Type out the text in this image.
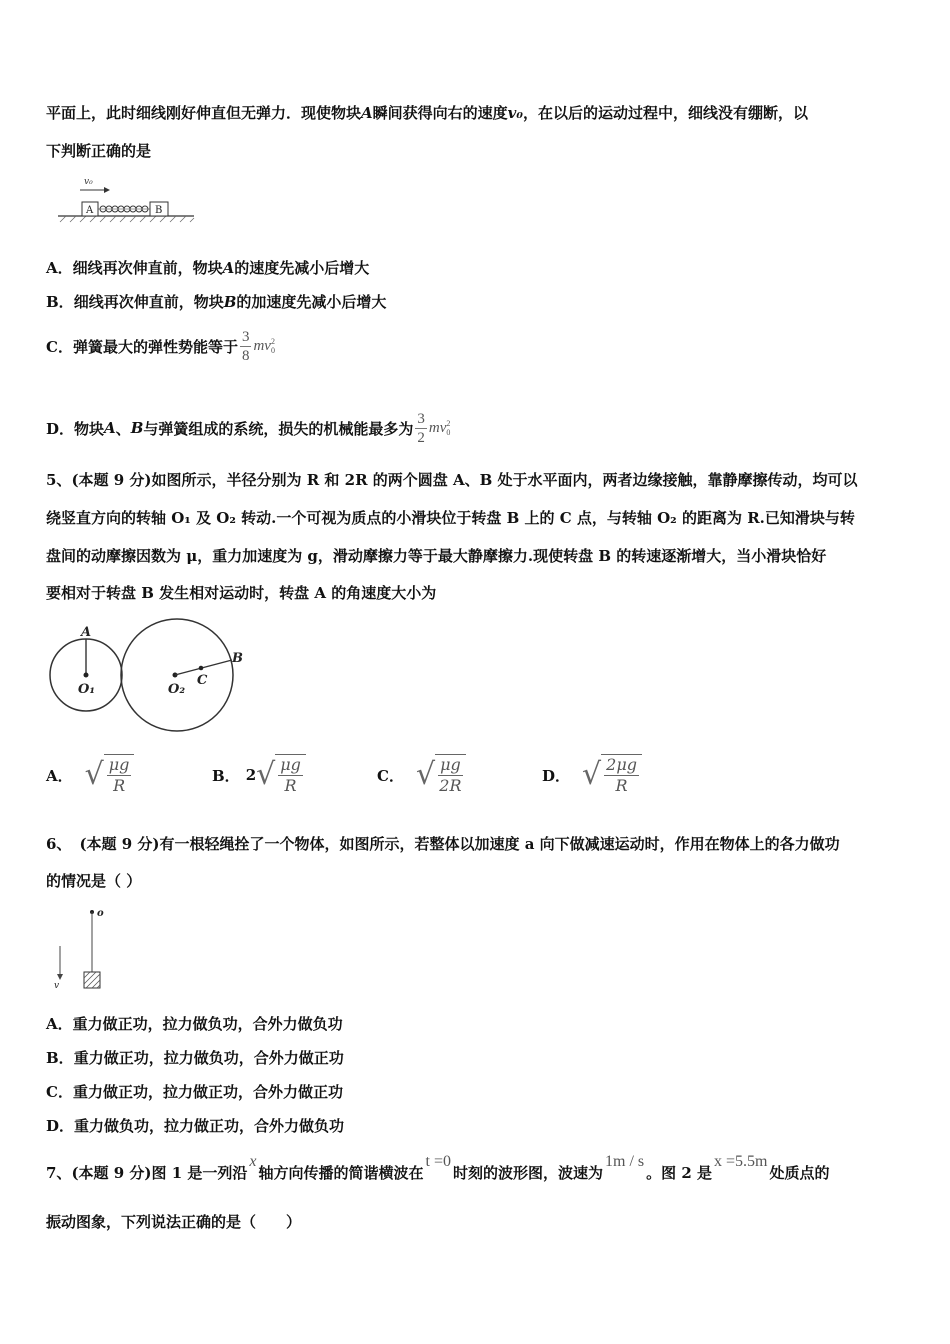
平面上，此时细线刚好伸直但无弹力．现使物块A瞬间获得向右的速度v₀，在以后的运动过程中，细线没有绷断，以
下判断正确的是
v₀
A	B
A．细线再次伸直前，物块A的速度先减小后增大
B．细线再次伸直前，物块B的加速度先减小后增大
C． 弹簧最大的弹性势能等于 $\frac{3}{8}$ mv 2
0
D． 物块 A 、 B 与弹簧组成的系统，损失的机械能最多为 $\frac{3}{2}$ mv 2
0
5、(本题 9 分)如图所示，半径分别为 R 和 2R 的两个圆盘 A、B 处于水平面内，两者边缘接触，靠静摩擦传动，均可以
绕竖直方向的转轴 O₁ 及 O₂ 转动.一个可视为质点的小滑块位于转盘 B 上的 C 点，与转轴 O₂ 的距离为 R.已知滑块与转
盘间的动摩擦因数为 μ，重力加速度为 g，滑动摩擦力等于最大静摩擦力.现使转盘 B 的转速逐渐增大，当小滑块恰好
要相对于转盘 B 发生相对运动时，转盘 A 的角速度大小为
A
O₁	O₂
C
B
A． √ μg
R
B． 2 √ μg
R
C． √ μg
2R
D． √ 2μg
R
6、 (本题 9 分)有一根轻绳拴了一个物体，如图所示，若整体以加速度 a 向下做减速运动时，作用在物体上的各力做功
的情况是（ ）
o
v
A．重力做正功，拉力做负功，合外力做负功
B．重力做正功，拉力做负功，合外力做正功
C．重力做正功，拉力做正功，合外力做正功
D．重力做负功，拉力做正功，合外力做负功
7、(本题 9 分)图 1 是一列沿x轴方向传播的简谐横波在t =0时刻的波形图，波速为1m / s。图 2 是x =5.5m处质点的
振动图象，下列说法正确的是（　　）
